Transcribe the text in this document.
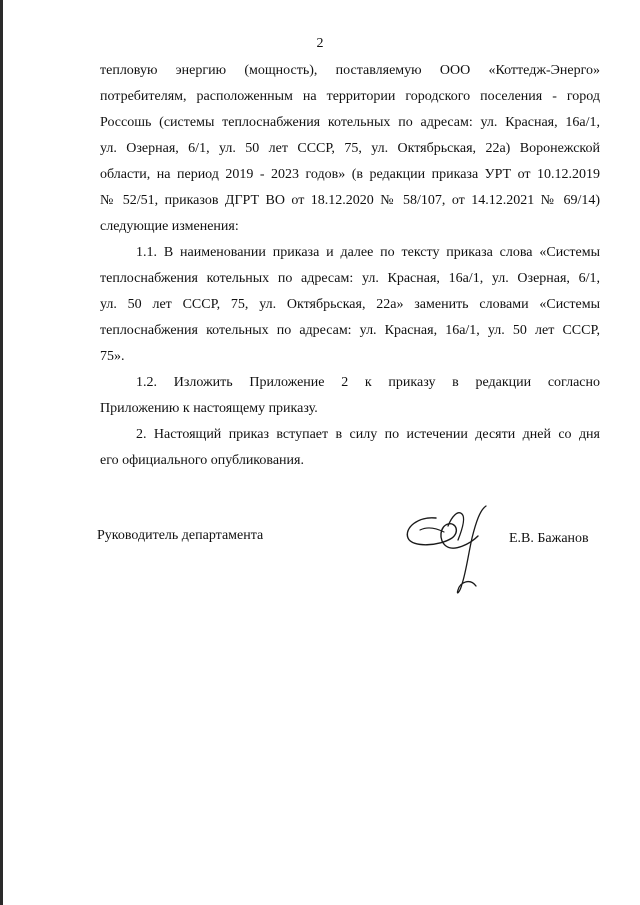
2
тепловую энергию (мощность), поставляемую ООО «Коттедж-Энерго»
потребителям, расположенным на территории городского поселения - город
Россошь (системы теплоснабжения котельных по адресам: ул. Красная, 16а/1,
ул. Озерная, 6/1, ул. 50 лет СССР, 75, ул. Октябрьская, 22а) Воронежской
области, на период 2019 - 2023 годов» (в редакции приказа УРТ от 10.12.2019
№ 52/51, приказов ДГРТ ВО от 18.12.2020 № 58/107, от 14.12.2021 № 69/14)
следующие изменения:
1.1. В наименовании приказа и далее по тексту приказа слова «Системы
теплоснабжения котельных по адресам: ул. Красная, 16а/1, ул. Озерная, 6/1,
ул. 50 лет СССР, 75, ул. Октябрьская, 22а» заменить словами «Системы
теплоснабжения котельных по адресам: ул. Красная, 16а/1, ул. 50 лет СССР,
75».
1.2. Изложить Приложение 2 к приказу в редакции согласно
Приложению к настоящему приказу.
2. Настоящий приказ вступает в силу по истечении десяти дней со дня
его официального опубликования.
Руководитель департамента	Е.В. Бажанов
